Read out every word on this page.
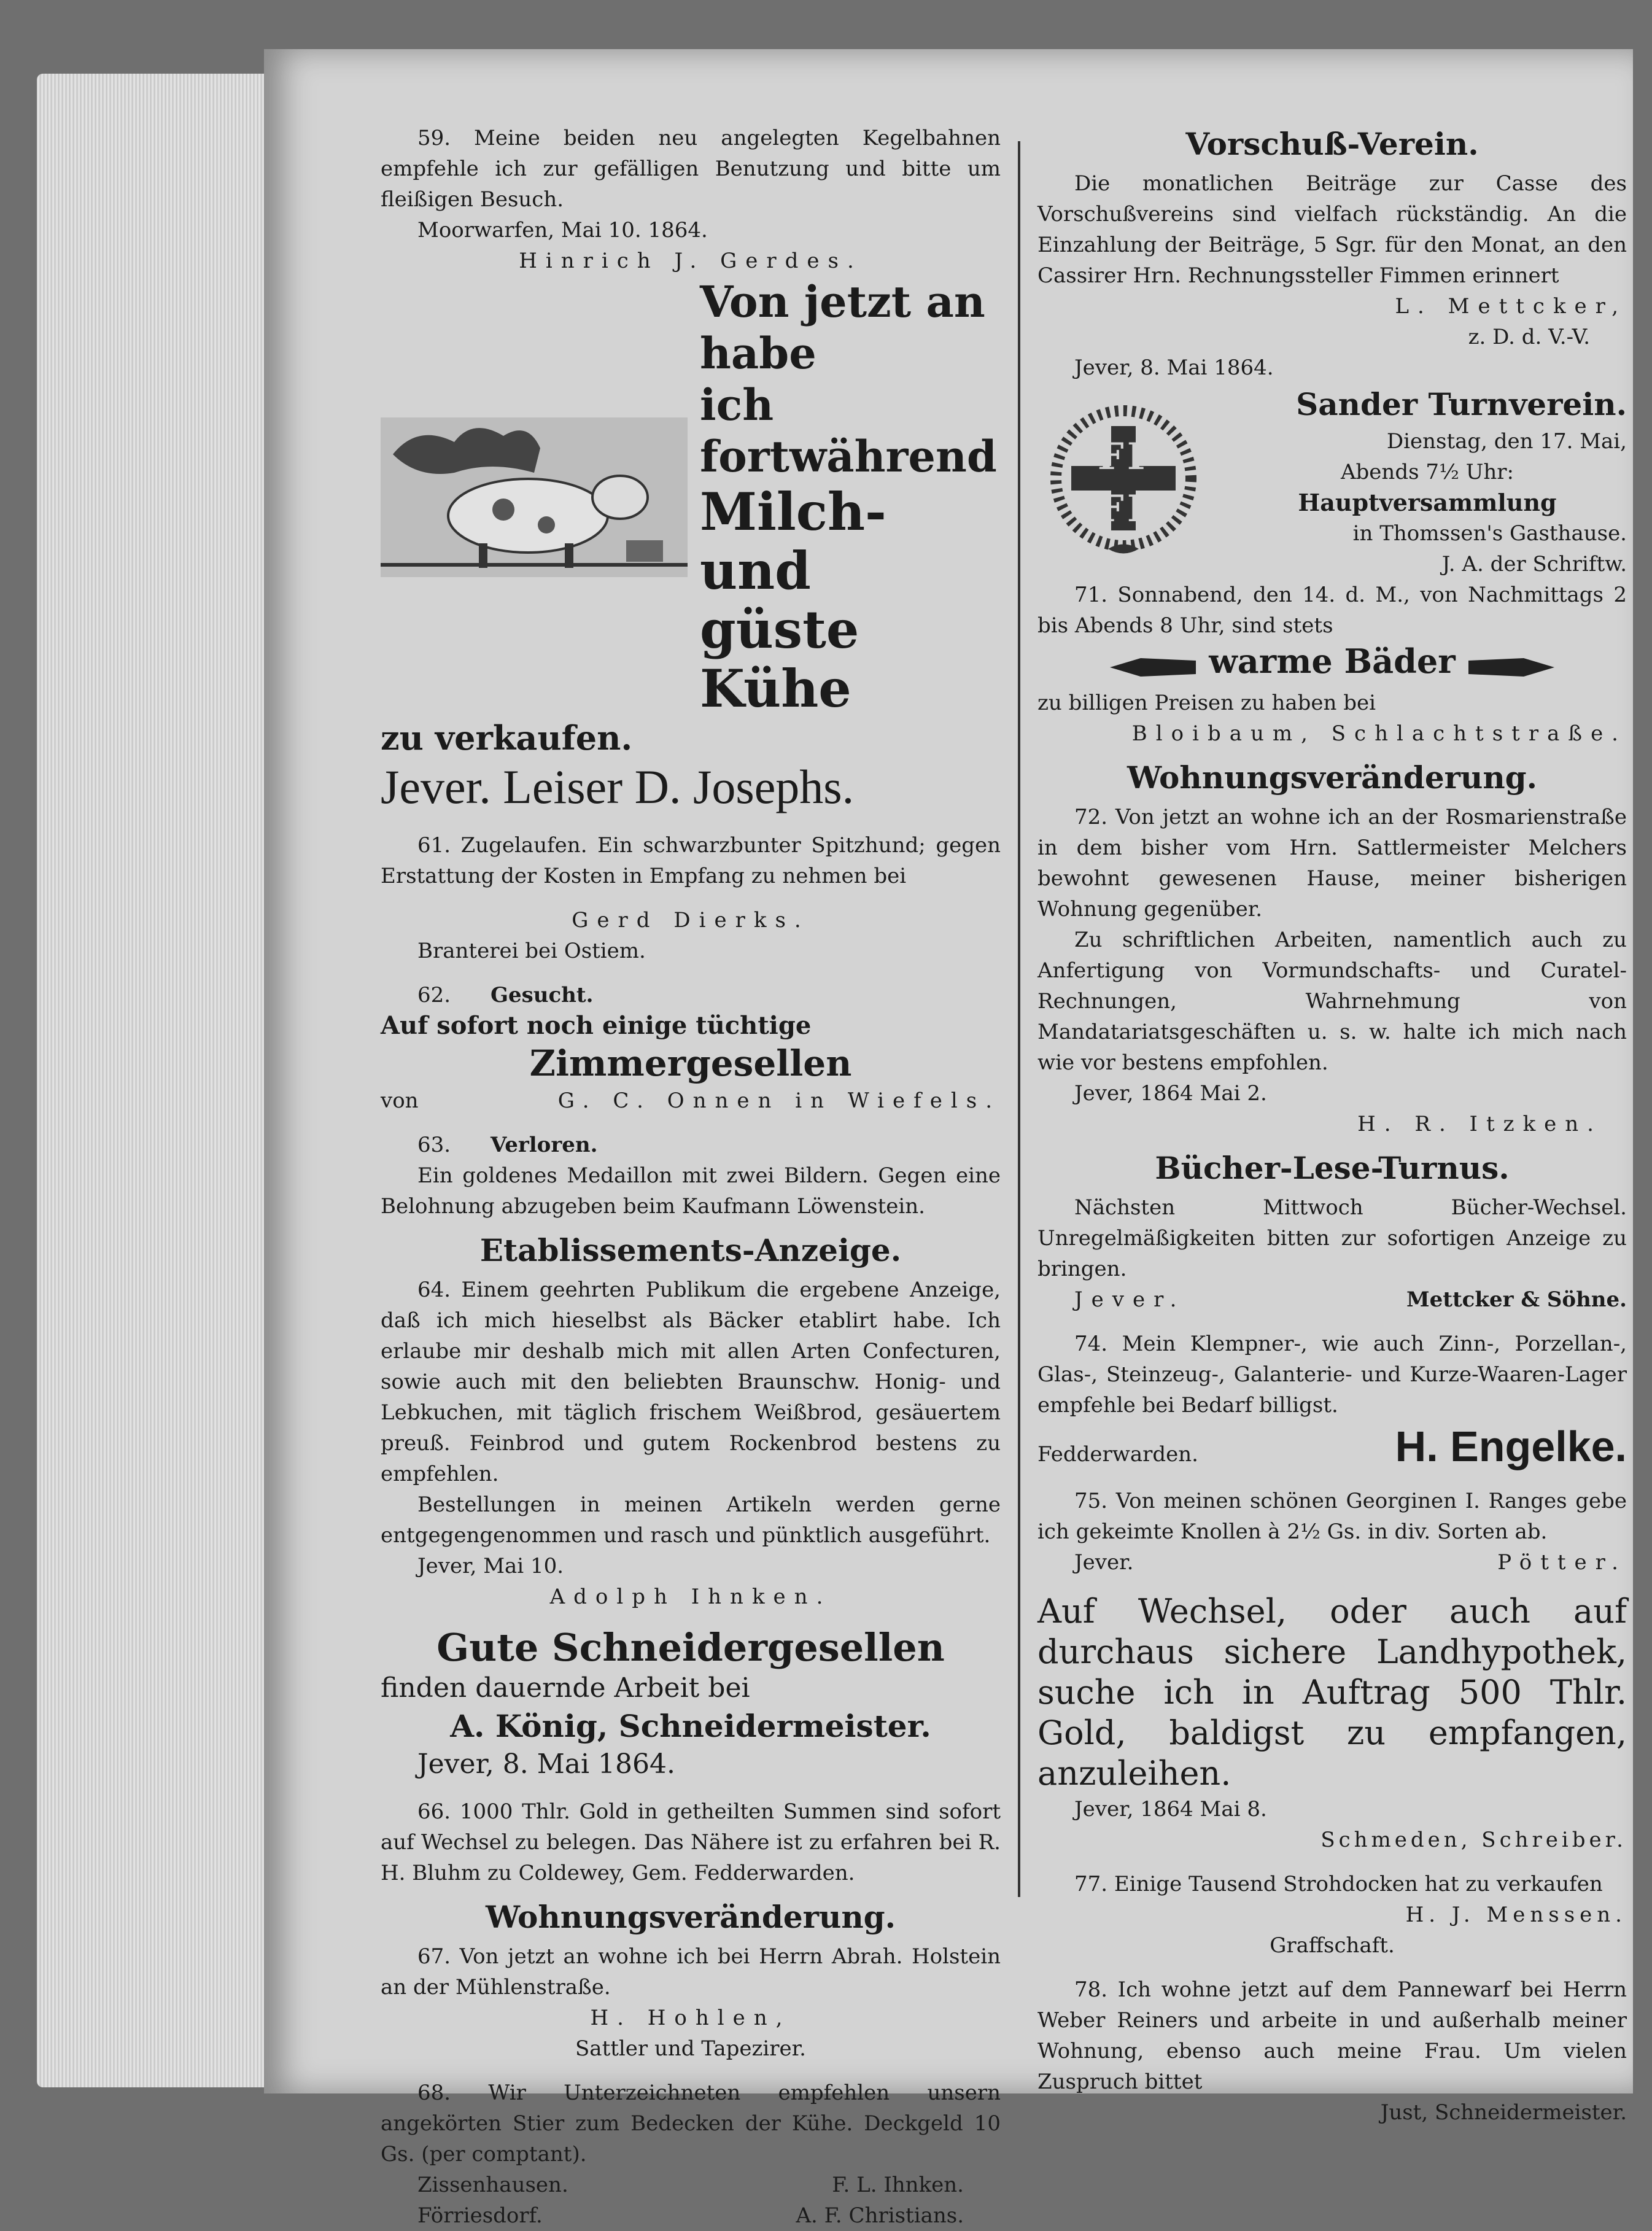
59. Meine beiden neu angelegten Kegelbahnen empfehle ich zur gefälligen Benutzung und bitte um fleißigen Besuch.

Moorwarfen, Mai 10. 1864.

Hinrich J. Gerdes.

Von jetzt an habe
ich fortwährend
Milch- und
güste Kühe
zu verkaufen.
Jever. Leiser D. Josephs.

61. Zugelaufen. Ein schwarzbunter Spitzhund; gegen Erstattung der Kosten in Empfang zu nehmen bei

Gerd Dierks.

Branterei bei Ostiem.

62. Gesucht.

Auf sofort noch einige tüchtige

Zimmergesellen

von	G. C. Onnen in Wiefels.

63. Verloren.

Ein goldenes Medaillon mit zwei Bildern. Gegen eine Belohnung abzugeben beim Kaufmann Löwenstein.

Etablissements-Anzeige.

64. Einem geehrten Publikum die ergebene Anzeige, daß ich mich hieselbst als Bäcker etablirt habe. Ich erlaube mir deshalb mich mit allen Arten Confecturen, sowie auch mit den beliebten Braunschw. Honig- und Lebkuchen, mit täglich frischem Weißbrod, gesäuertem preuß. Feinbrod und gutem Rockenbrod bestens zu empfehlen.

Bestellungen in meinen Artikeln werden gerne entgegengenommen und rasch und pünktlich ausgeführt.

Jever, Mai 10.

Adolph Ihnken.

Gute Schneidergesellen

finden dauernde Arbeit bei

A. König, Schneidermeister.

Jever, 8. Mai 1864.

66. 1000 Thlr. Gold in getheilten Summen sind sofort auf Wechsel zu belegen. Das Nähere ist zu erfahren bei R. H. Bluhm zu Coldewey, Gem. Fedderwarden.

Wohnungsveränderung.

67. Von jetzt an wohne ich bei Herrn Abrah. Holstein an der Mühlenstraße.

H. Hohlen,

Sattler und Tapezirer.

68. Wir Unterzeichneten empfehlen unsern angekörten Stier zum Bedecken der Kühe. Deckgeld 10 Gs. (per comptant).

Zissenhausen.	F. L. Ihnken.

Förriesdorf.	A. F. Christians.

Vorschuß-Verein.

Die monatlichen Beiträge zur Casse des Vorschußvereins sind vielfach rückständig. An die Einzahlung der Beiträge, 5 Sgr. für den Monat, an den Cassirer Hrn. Rechnungssteller Fimmen erinnert

L. Mettcker,

z. D. d. V.-V.

Jever, 8. Mai 1864.

F F
F F
Sander Turnverein.

Dienstag, den 17. Mai,

Abends 7½ Uhr:

Hauptversammlung

in Thomssen's Gasthause.

J. A. der Schriftw.

71. Sonnabend, den 14. d. M., von Nachmittags 2 bis Abends 8 Uhr, sind stets

warme Bäder

zu billigen Preisen zu haben bei

Bloibaum, Schlachtstraße.

Wohnungsveränderung.

72. Von jetzt an wohne ich an der Rosmarienstraße in dem bisher vom Hrn. Sattlermeister Melchers bewohnt gewesenen Hause, meiner bisherigen Wohnung gegenüber.

Zu schriftlichen Arbeiten, namentlich auch zu Anfertigung von Vormundschafts- und Curatel-Rechnungen, Wahrnehmung von Mandatariatsgeschäften u. s. w. halte ich mich nach wie vor bestens empfohlen.

Jever, 1864 Mai 2.

H. R. Itzken.

Bücher-Lese-Turnus.

Nächsten Mittwoch Bücher-Wechsel. Unregelmäßigkeiten bitten zur sofortigen Anzeige zu bringen.

Jever.	Mettcker & Söhne.

74. Mein Klempner-, wie auch Zinn-, Porzellan-, Glas-, Steinzeug-, Galanterie- und Kurze-Waaren-Lager empfehle bei Bedarf billigst.

Fedderwarden.	H. Engelke.

75. Von meinen schönen Georginen I. Ranges gebe ich gekeimte Knollen à 2½ Gs. in div. Sorten ab.

Jever.	Pötter.

Auf Wechsel, oder auch auf durchaus sichere Landhypothek, suche ich in Auftrag 500 Thlr. Gold, baldigst zu empfangen, anzuleihen.

Jever, 1864 Mai 8.

Schmeden, Schreiber.

77. Einige Tausend Strohdocken hat zu verkaufen

H. J. Menssen.

Graffschaft.

78. Ich wohne jetzt auf dem Pannewarf bei Herrn Weber Reiners und arbeite in und außerhalb meiner Wohnung, ebenso auch meine Frau. Um vielen Zuspruch bittet

Just, Schneidermeister.
